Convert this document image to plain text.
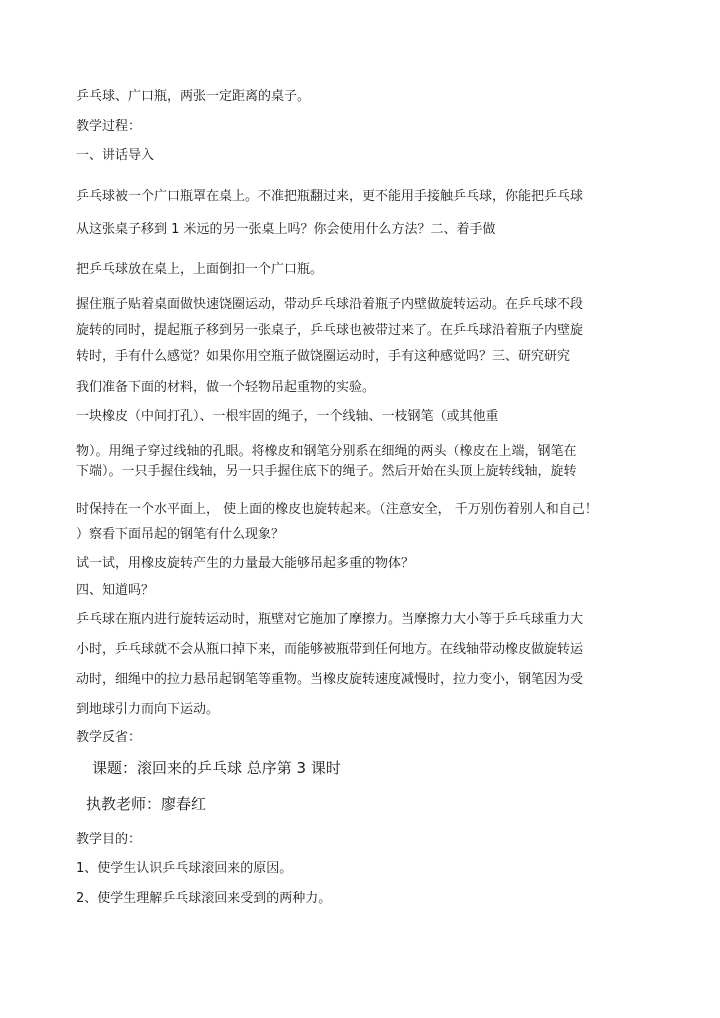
乒乓球、广口瓶，两张一定距离的桌子。
教学过程：
一、讲话导入
乒乓球被一个广口瓶罩在桌上。不准把瓶翻过来，更不能用手接触乒乓球，你能把乒乓球
从这张桌子移到 1 米远的另一张桌上吗？你会使用什么方法？二、着手做
把乒乓球放在桌上，上面倒扣一个广口瓶。
握住瓶子贴着桌面做快速饶圈运动，带动乒乓球沿着瓶子内壁做旋转运动。在乒乓球不段
旋转的同时，提起瓶子移到另一张桌子，乒乓球也被带过来了。在乒乓球沿着瓶子内壁旋
转时，手有什么感觉？如果你用空瓶子做饶圈运动时，手有这种感觉吗？三、研究研究
我们准备下面的材料，做一个轻物吊起重物的实验。
一块橡皮（中间打孔）、一根牢固的绳子，一个线轴、一枝钢笔（或其他重
物）。用绳子穿过线轴的孔眼。将橡皮和钢笔分别系在细绳的两头（橡皮在上端，钢笔在
下端）。一只手握住线轴，另一只手握住底下的绳子。然后开始在头顶上旋转线轴，旋转
时保持在一个水平面上， 使上面的橡皮也旋转起来。（注意安全， 千万别伤着别人和自己！
）察看下面吊起的钢笔有什么现象？
试一试，用橡皮旋转产生的力量最大能够吊起多重的物体？
四、知道吗？
乒乓球在瓶内进行旋转运动时，瓶壁对它施加了摩擦力。当摩擦力大小等于乒乓球重力大
小时，乒乓球就不会从瓶口掉下来，而能够被瓶带到任何地方。在线轴带动橡皮做旋转运
动时，细绳中的拉力悬吊起钢笔等重物。当橡皮旋转速度减慢时，拉力变小，钢笔因为受
到地球引力而向下运动。
教学反省：
课题：滚回来的乒乓球 总序第 3 课时
执教老师：廖春红
教学目的：
1、使学生认识乒乓球滚回来的原因。
2、使学生理解乒乓球滚回来受到的两种力。
